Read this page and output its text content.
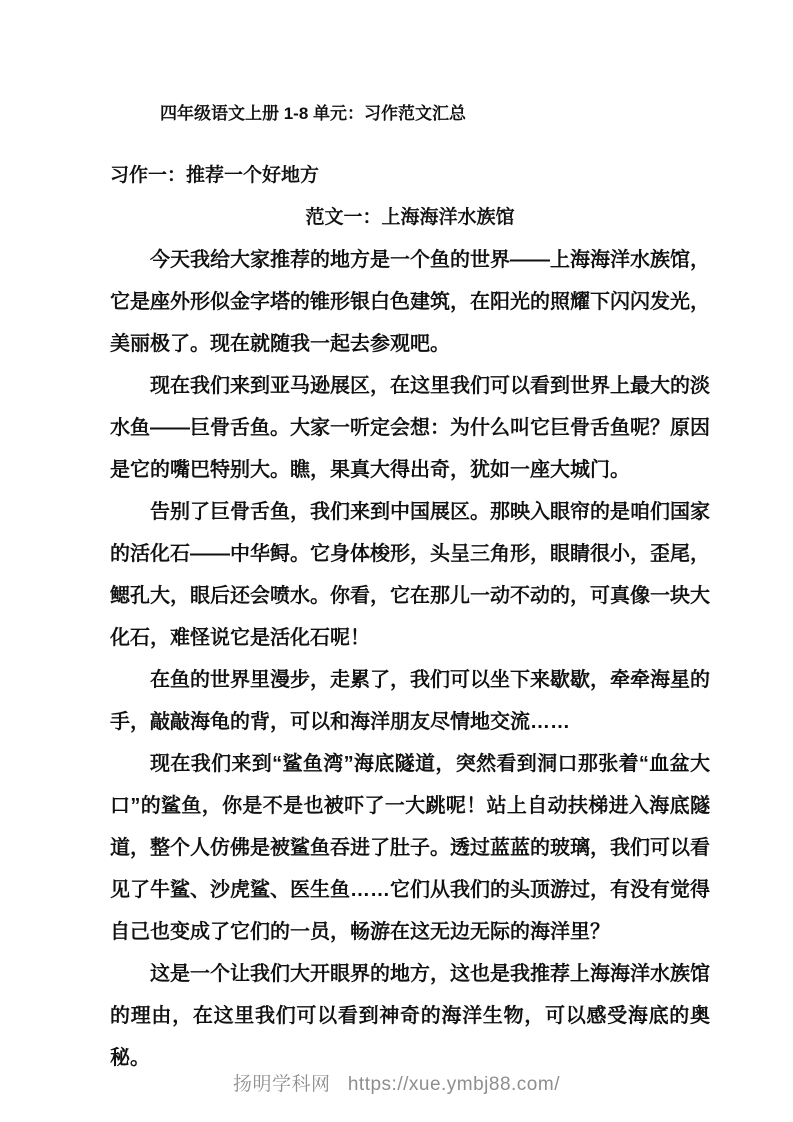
四年级语文上册 1-8 单元：习作范文汇总
习作一：推荐一个好地方
范文一：上海海洋水族馆

今天我给大家推荐的地方是一个鱼的世界——上海海洋水族馆，它是座外形似金字塔的锥形银白色建筑，在阳光的照耀下闪闪发光，美丽极了。现在就随我一起去参观吧。

现在我们来到亚马逊展区，在这里我们可以看到世界上最大的淡水鱼——巨骨舌鱼。大家一听定会想：为什么叫它巨骨舌鱼呢？原因是它的嘴巴特别大。瞧，果真大得出奇，犹如一座大城门。

告别了巨骨舌鱼，我们来到中国展区。那映入眼帘的是咱们国家的活化石——中华鲟。它身体梭形，头呈三角形，眼睛很小，歪尾，鳃孔大，眼后还会喷水。你看，它在那儿一动不动的，可真像一块大化石，难怪说它是活化石呢！

在鱼的世界里漫步，走累了，我们可以坐下来歇歇，牵牵海星的手，敲敲海龟的背，可以和海洋朋友尽情地交流……

现在我们来到“鲨鱼湾”海底隧道，突然看到洞口那张着“血盆大口”的鲨鱼，你是不是也被吓了一大跳呢！站上自动扶梯进入海底隧道，整个人仿佛是被鲨鱼吞进了肚子。透过蓝蓝的玻璃，我们可以看见了牛鲨、沙虎鲨、医生鱼……它们从我们的头顶游过，有没有觉得自己也变成了它们的一员，畅游在这无边无际的海洋里？

这是一个让我们大开眼界的地方，这也是我推荐上海海洋水族馆的理由，在这里我们可以看到神奇的海洋生物，可以感受海底的奥秘。

扬明学科网 https://xue.ymbj88.com/
